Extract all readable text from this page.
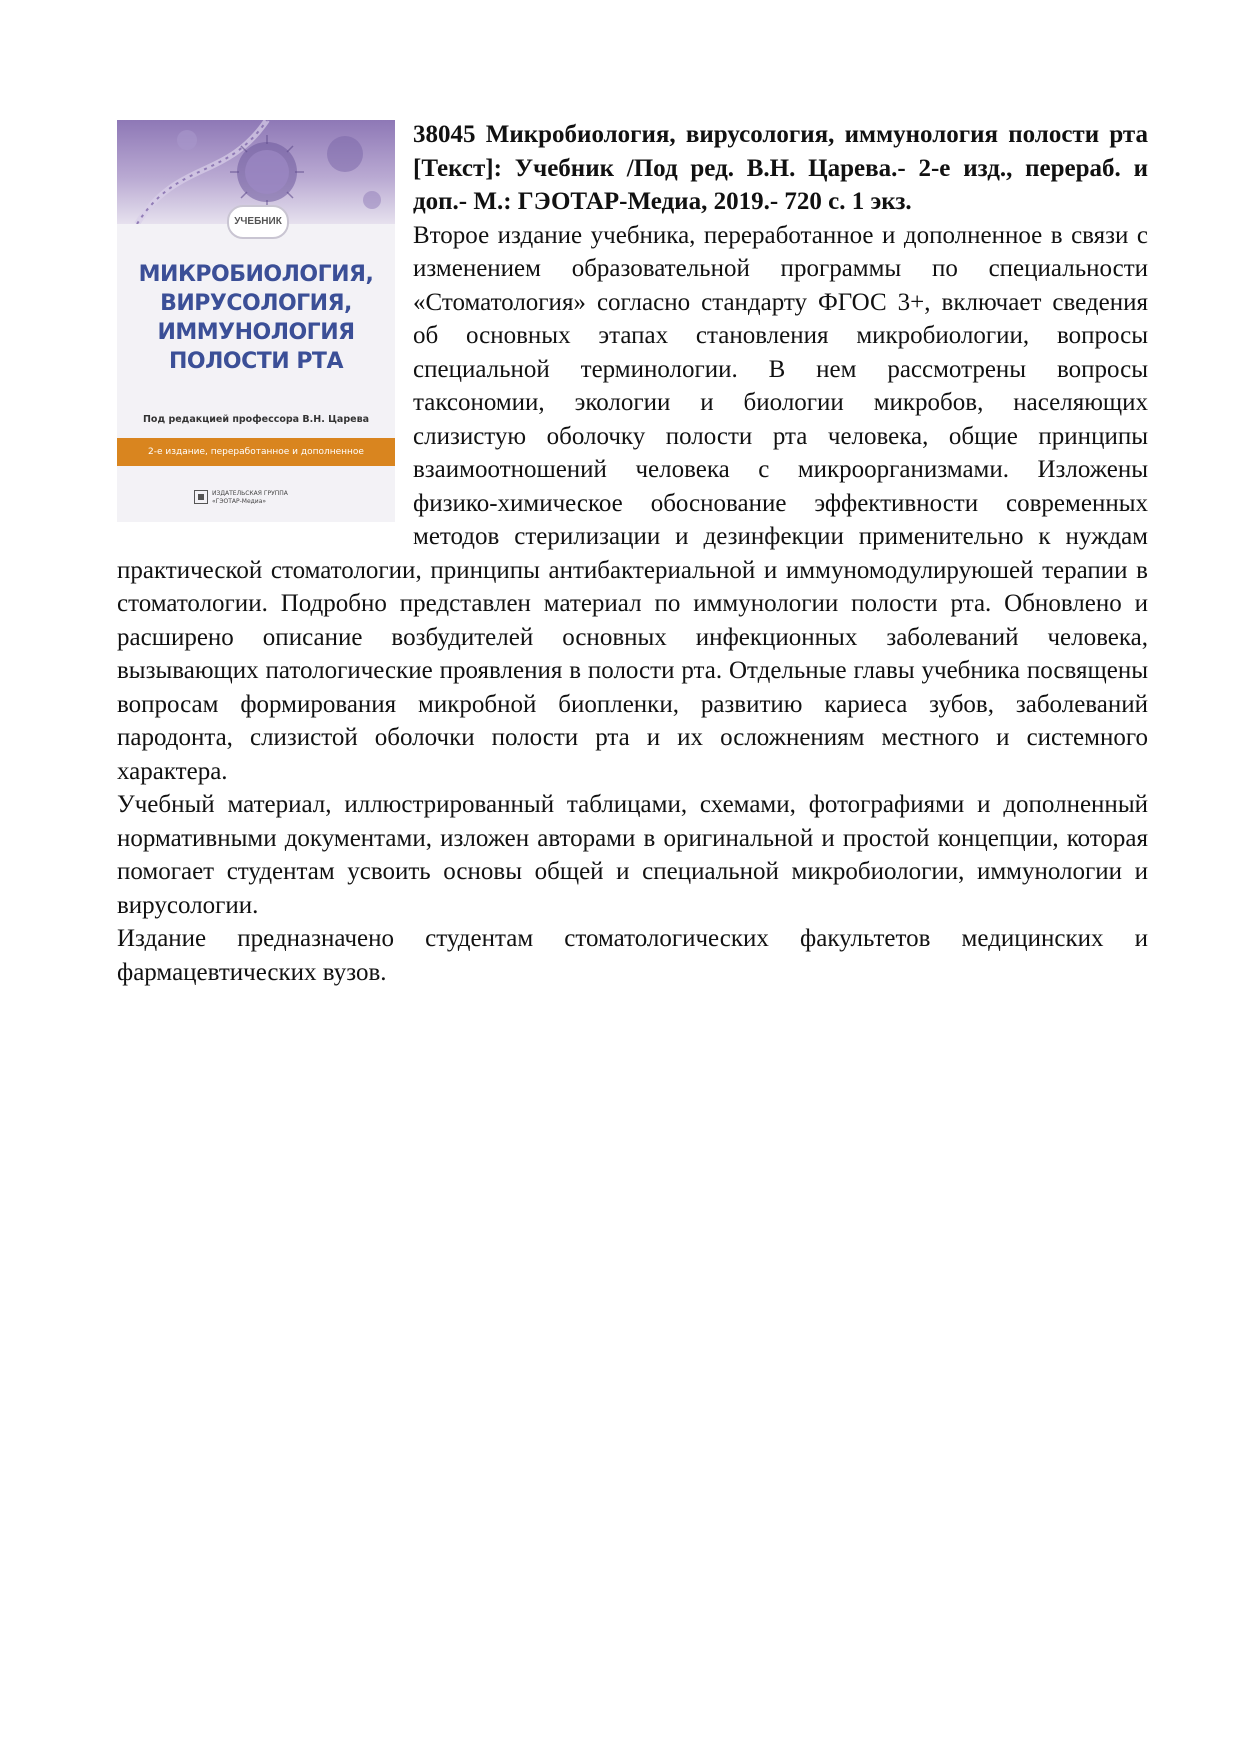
УЧЕБНИК
МИКРОБИОЛОГИЯ,
ВИРУСОЛОГИЯ,
ИММУНОЛОГИЯ
ПОЛОСТИ РТА
Под редакцией профессора В.Н. Царева
2-е издание, переработанное и дополненное
ИЗДАТЕЛЬСКАЯ ГРУППА
«ГЭОТАР-Медиа»

38045 Микробиология, вирусология, иммунология полости рта [Текст]: Учебник /Под ред. В.Н. Царева.- 2-е изд., перераб. и доп.- М.: ГЭОТАР-Медиа, 2019.- 720 с. 1 экз.

Второе издание учебника, переработанное и дополненное в связи с изменением образовательной программы по специальности «Стоматология» согласно стандарту ФГОС 3+, включает сведения об основных этапах становления микробиологии, вопросы специальной терминологии. В нем рассмотрены вопросы таксономии, экологии и биологии микробов, населяющих слизистую оболочку полости рта человека, общие принципы взаимоотношений человека с микроорганизмами. Изложены физико-химическое обоснование эффективности современных методов стерилизации и дезинфекции применительно к нуждам практической стоматологии, принципы антибактериальной и иммуномодулируюшей терапии в стоматологии. Подробно представлен материал по иммунологии полости рта. Обновлено и расширено описание возбудителей основных инфекционных заболеваний человека, вызывающих патологические проявления в полости рта. Отдельные главы учебника посвящены вопросам формирования микробной биопленки, развитию кариеса зубов, заболеваний пародонта, слизистой оболочки полости рта и их осложнениям местного и системного характера.

Учебный материал, иллюстрированный таблицами, схемами, фотографиями и дополненный нормативными документами, изложен авторами в оригинальной и простой концепции, которая помогает студентам усвоить основы общей и специальной микробиологии, иммунологии и вирусологии.

Издание предназначено студентам стоматологических факультетов медицинских и фармацевтических вузов.
